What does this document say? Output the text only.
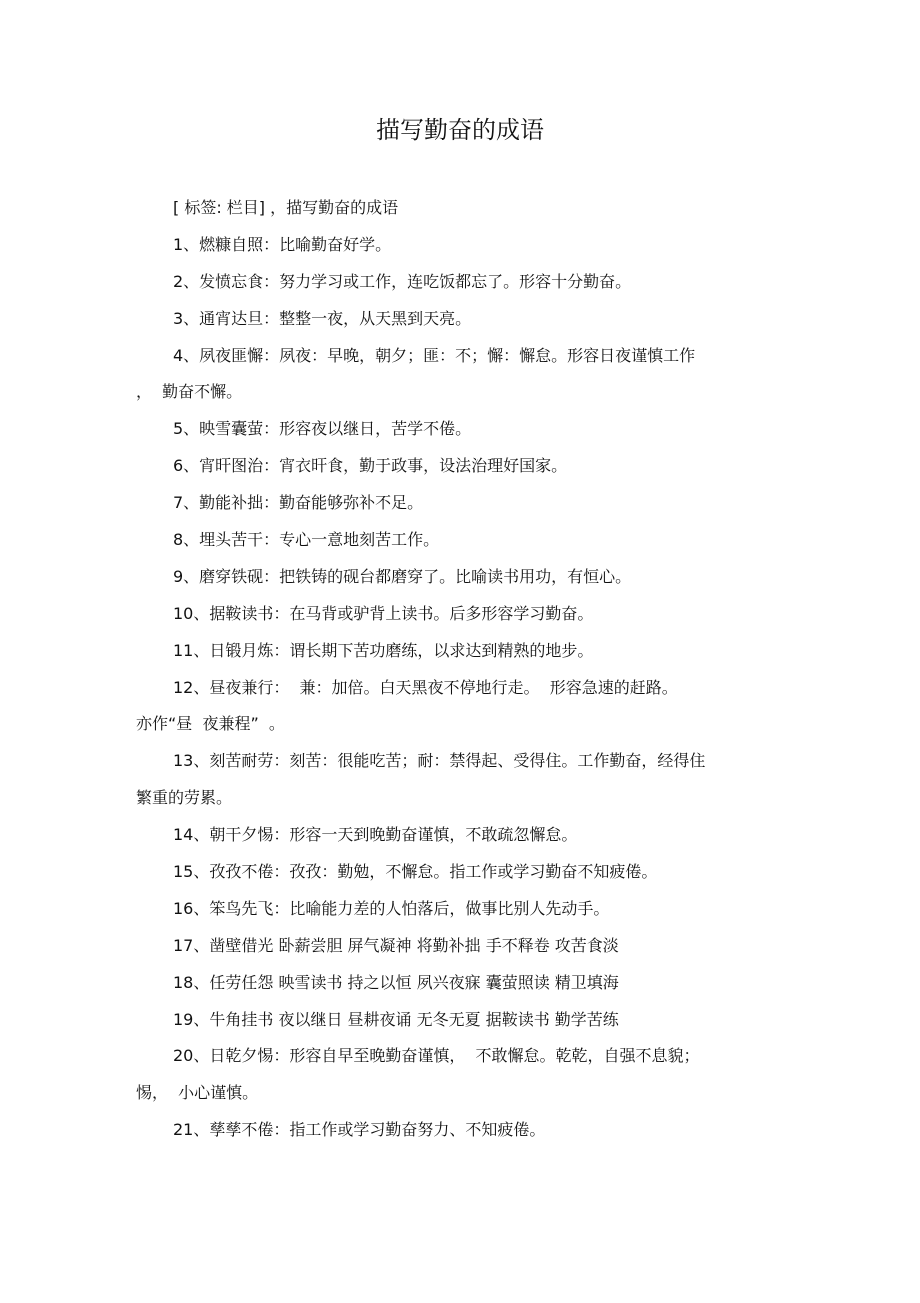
描写勤奋的成语
[ 标签: 栏目] ，描写勤奋的成语
1、燃糠自照：比喻勤奋好学。
2、发愤忘食：努力学习或工作，连吃饭都忘了。形容十分勤奋。
3、通宵达旦：整整一夜，从天黑到天亮。
4、夙夜匪懈：夙夜：早晚，朝夕；匪：不；懈：懈怠。形容日夜谨慎工作
，  勤奋不懈。
5、映雪囊萤：形容夜以继日，苦学不倦。
6、宵旰图治：宵衣旰食，勤于政事，设法治理好国家。
7、勤能补拙：勤奋能够弥补不足。
8、埋头苦干：专心一意地刻苦工作。
9、磨穿铁砚：把铁铸的砚台都磨穿了。比喻读书用功，有恒心。
10、据鞍读书：在马背或驴背上读书。后多形容学习勤奋。
11、日锻月炼：谓长期下苦功磨练，以求达到精熟的地步。
12、昼夜兼行：  兼：加倍。白天黑夜不停地行走。  形容急速的赶路。
亦作“昼  夜兼程”  。
13、刻苦耐劳：刻苦：很能吃苦；耐：禁得起、受得住。工作勤奋，经得住
繁重的劳累。
14、朝干夕惕：形容一天到晚勤奋谨慎，不敢疏忽懈怠。
15、孜孜不倦：孜孜：勤勉，不懈怠。指工作或学习勤奋不知疲倦。
16、笨鸟先飞：比喻能力差的人怕落后，做事比别人先动手。
17、凿壁借光 卧薪尝胆 屏气凝神 将勤补拙 手不释卷 攻苦食淡
18、任劳任怨 映雪读书 持之以恒 夙兴夜寐 囊萤照读 精卫填海
19、牛角挂书 夜以继日 昼耕夜诵 无冬无夏 据鞍读书 勤学苦练
20、日乾夕惕：形容自早至晚勤奋谨慎，  不敢懈怠。乾乾，自强不息貌；
惕，  小心谨慎。
21、孳孳不倦：指工作或学习勤奋努力、不知疲倦。
